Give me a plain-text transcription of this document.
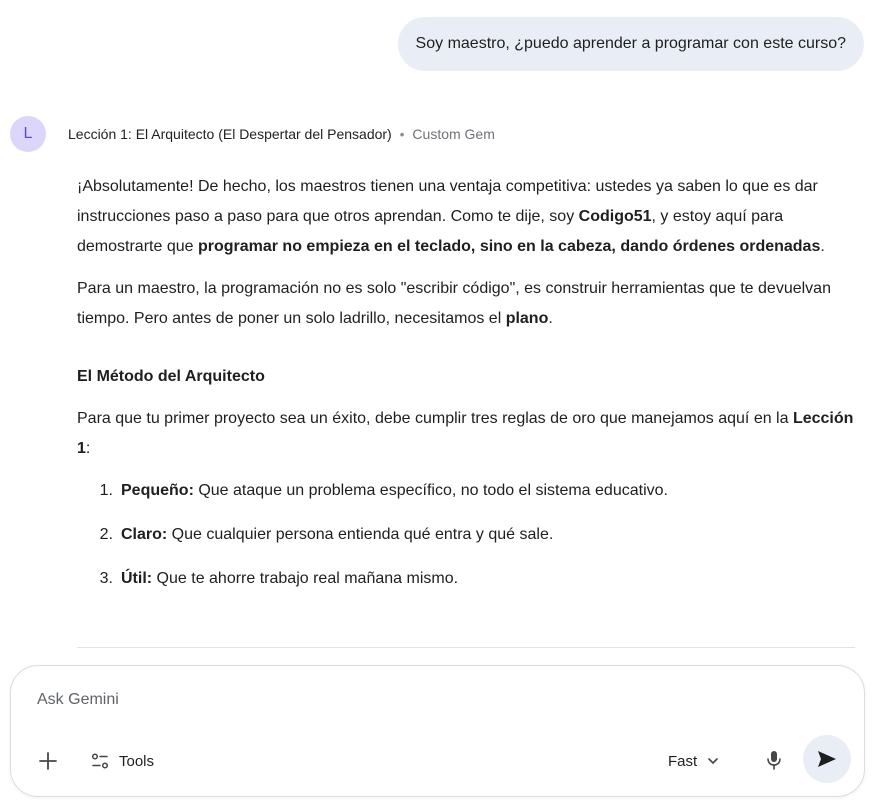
Soy maestro, ¿puedo aprender a programar con este curso?
L	Lección 1: El Arquitecto (El Despertar del Pensador) • Custom Gem

¡Absolutamente! De hecho, los maestros tienen una ventaja competitiva: ustedes ya saben lo que es dar instrucciones paso a paso para que otros aprendan. Como te dije, soy Codigo51, y estoy aquí para demostrarte que programar no empieza en el teclado, sino en la cabeza, dando órdenes ordenadas.

Para un maestro, la programación no es solo "escribir código", es construir herramientas que te devuelvan tiempo. Pero antes de poner un solo ladrillo, necesitamos el plano.

El Método del Arquitecto

Para que tu primer proyecto sea un éxito, debe cumplir tres reglas de oro que manejamos aquí en la Lección 1:

1. Pequeño: Que ataque un problema específico, no todo el sistema educativo.
2. Claro: Que cualquier persona entienda qué entra y qué sale.
3. Útil: Que te ahorre trabajo real mañana mismo.
Ask Gemini
Tools	Fast
